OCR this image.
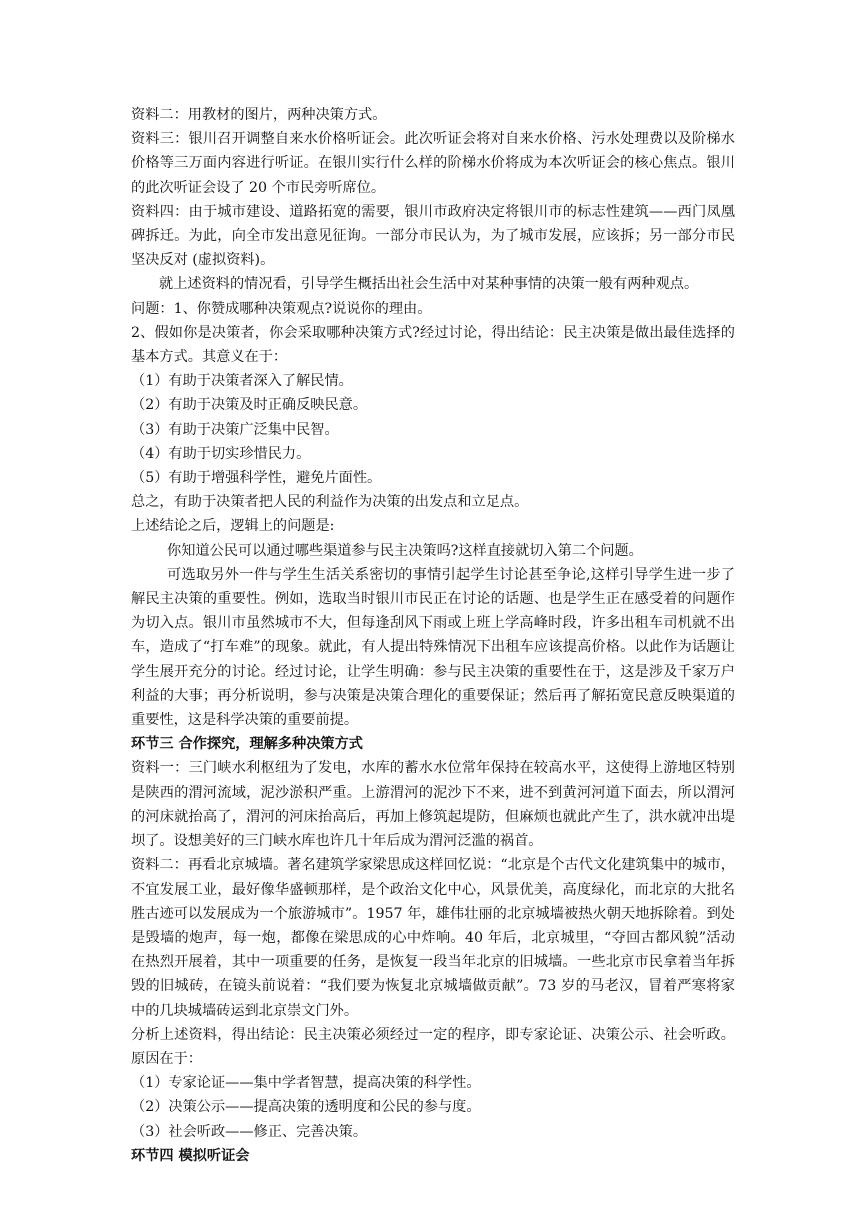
资料二：用教材的图片，两种决策方式。

资料三：银川召开调整自来水价格听证会。此次听证会将对自来水价格、污水处理费以及阶梯水价格等三万面内容进行听证。在银川实行什么样的阶梯水价将成为本次听证会的核心焦点。银川的此次听证会设了 20 个市民旁听席位。

资料四：由于城市建设、道路拓宽的需要，银川市政府决定将银川市的标志性建筑——西门凤凰碑拆迁。为此，向全市发出意见征询。一部分市民认为，为了城市发展，应该拆；另一部分市民坚决反对 (虚拟资料)。

就上述资料的情况看，引导学生概括出社会生活中对某种事情的决策一般有两种观点。

问题：1、你赞成哪种决策观点?说说你的理由。

2、假如你是决策者，你会采取哪种决策方式?经过讨论，得出结论：民主决策是做出最佳选择的基本方式。其意义在于：

（1）有助于决策者深入了解民情。

（2）有助于决策及时正确反映民意。

（3）有助于决策广泛集中民智。

（4）有助于切实珍惜民力。

（5）有助于增强科学性，避免片面性。

总之，有助于决策者把人民的利益作为决策的出发点和立足点。

上述结论之后，逻辑上的问题是:

你知道公民可以通过哪些渠道参与民主决策吗?这样直接就切入第二个问题。

可选取另外一件与学生生活关系密切的事情引起学生讨论甚至争论,这样引导学生进一步了解民主决策的重要性。例如，选取当时银川市民正在讨论的话题、也是学生正在感受着的问题作为切入点。银川市虽然城市不大，但每逢刮风下雨或上班上学高峰时段，许多出租车司机就不出车，造成了“打车难”的现象。就此，有人提出特殊情况下出租车应该提高价格。以此作为话题让学生展开充分的讨论。经过讨论，让学生明确：参与民主决策的重要性在于，这是涉及千家万户利益的大事；再分析说明，参与决策是决策合理化的重要保证；然后再了解拓宽民意反映渠道的重要性，这是科学决策的重要前提。

环节三 合作探究，理解多种决策方式

资料一：三门峡水利枢纽为了发电，水库的蓄水水位常年保持在较高水平，这使得上游地区特别是陕西的渭河流域，泥沙淤积严重。上游渭河的泥沙下不来，进不到黄河河道下面去，所以渭河的河床就抬高了，渭河的河床抬高后，再加上修筑起堤防，但麻烦也就此产生了，洪水就冲出堤坝了。设想美好的三门峡水库也许几十年后成为渭河泛滥的祸首。

资料二：再看北京城墙。著名建筑学家梁思成这样回忆说：“北京是个古代文化建筑集中的城市，不宜发展工业，最好像华盛顿那样，是个政治文化中心，风景优美，高度绿化，而北京的大批名胜古迹可以发展成为一个旅游城市”。1957 年，雄伟壮丽的北京城墙被热火朝天地拆除着。到处是毁墙的炮声，每一炮，都像在梁思成的心中炸响。40 年后，北京城里，“夺回古都风貌”活动在热烈开展着，其中一项重要的任务，是恢复一段当年北京的旧城墙。一些北京市民拿着当年拆毁的旧城砖，在镜头前说着：“我们要为恢复北京城墙做贡献”。73 岁的马老汉，冒着严寒将家中的几块城墙砖运到北京崇文门外。

分析上述资料，得出结论：民主决策必须经过一定的程序，即专家论证、决策公示、社会听政。原因在于：

（1）专家论证——集中学者智慧，提高决策的科学性。

（2）决策公示——提高决策的透明度和公民的参与度。

（3）社会听政——修正、完善决策。

环节四 模拟听证会
